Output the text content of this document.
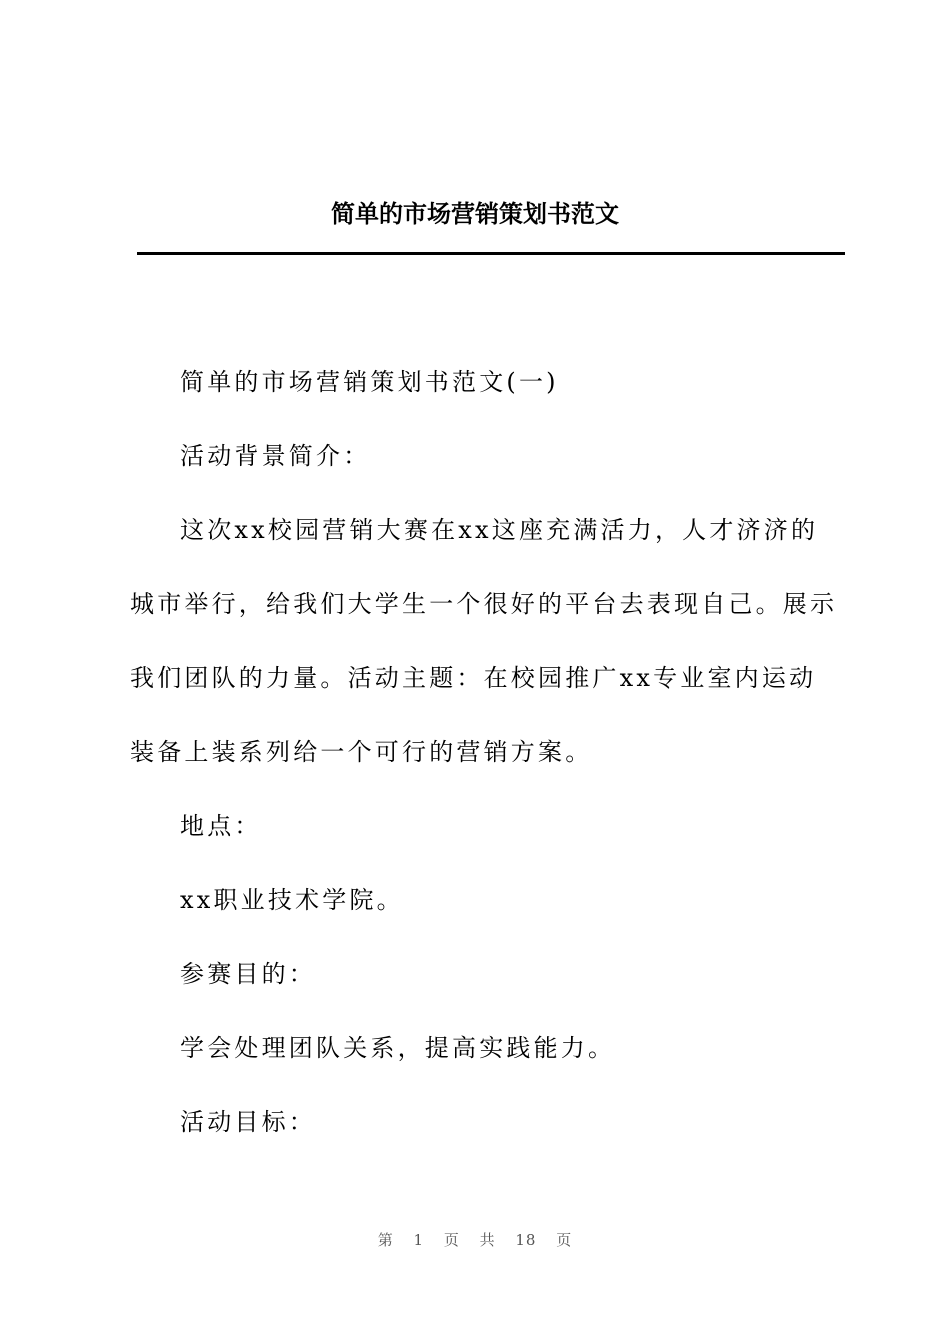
简单的市场营销策划书范文

简单的市场营销策划书范文(一)

活动背景简介：

这次xx校园营销大赛在xx这座充满活力，人才济济的城市举行，给我们大学生一个很好的平台去表现自己。展示我们团队的力量。活动主题：在校园推广xx专业室内运动装备上装系列给一个可行的营销方案。

地点：

xx职业技术学院。

参赛目的：

学会处理团队关系，提高实践能力。

活动目标：

第 1 页 共 18 页
